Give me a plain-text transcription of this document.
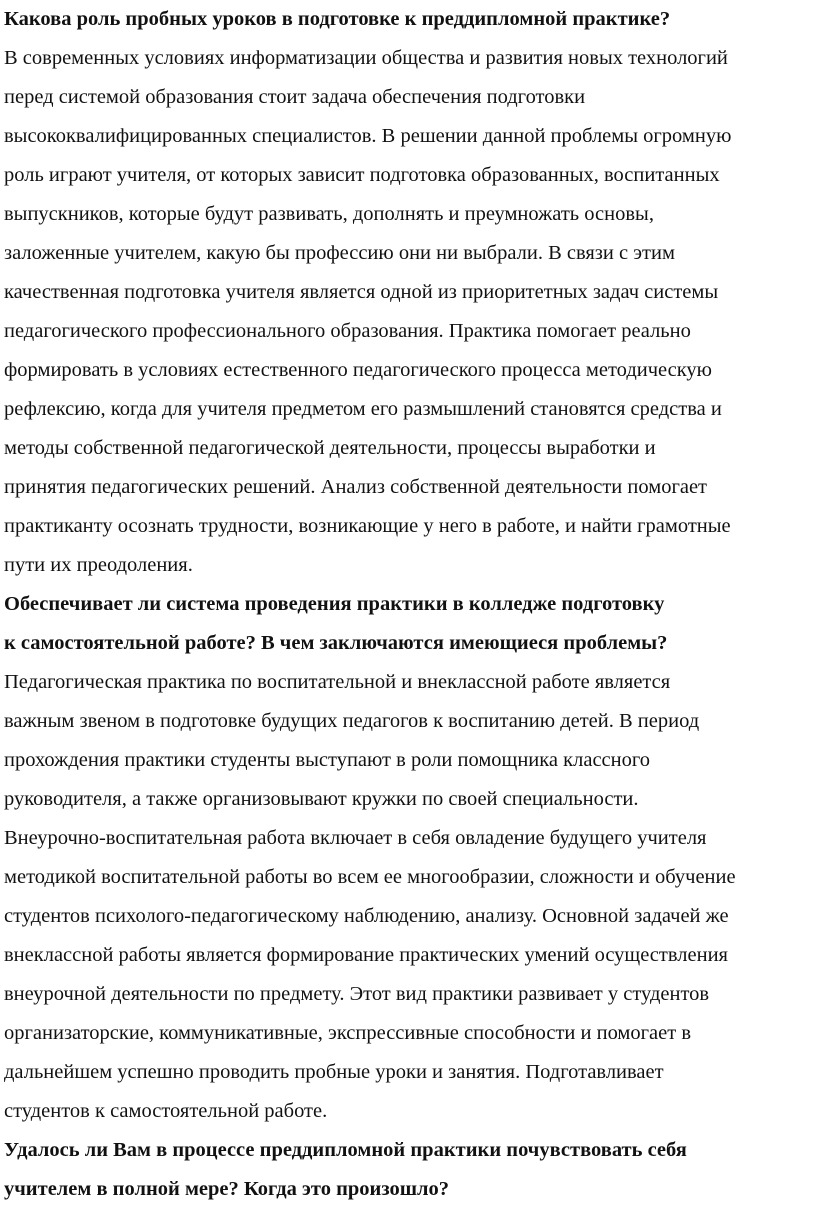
Какова роль пробных уроков в подготовке к преддипломной практике?
В современных условиях информатизации общества и развития новых технологий
перед системой образования стоит задача обеспечения подготовки
высококвалифицированных специалистов. В решении данной проблемы огромную
роль играют учителя, от которых зависит подготовка образованных, воспитанных
выпускников, которые будут развивать, дополнять и преумножать основы,
заложенные учителем, какую бы профессию они ни выбрали. В связи с этим
качественная подготовка учителя является одной из приоритетных задач системы
педагогического профессионального образования. Практика помогает реально
формировать в условиях естественного педагогического процесса методическую
рефлексию, когда для учителя предметом его размышлений становятся средства и
методы собственной педагогической деятельности, процессы выработки и
принятия педагогических решений. Анализ собственной деятельности помогает
практиканту осознать трудности, возникающие у него в работе, и найти грамотные
пути их преодоления.
Обеспечивает ли система проведения практики в колледже подготовку
к самостоятельной работе? В чем заключаются имеющиеся проблемы?
Педагогическая практика по воспитательной и внеклассной работе является
важным звеном в подготовке будущих педагогов к воспитанию детей. В период
прохождения практики студенты выступают в роли помощника классного
руководителя, а также организовывают кружки по своей специальности.
Внеурочно-воспитательная работа включает в себя овладение будущего учителя
методикой воспитательной работы во всем ее многообразии, сложности и обучение
студентов психолого-педагогическому наблюдению, анализу. Основной задачей же
внеклассной работы является формирование практических умений осуществления
внеурочной деятельности по предмету. Этот вид практики развивает у студентов
организаторские, коммуникативные, экспрессивные способности и помогает в
дальнейшем успешно проводить пробные уроки и занятия. Подготавливает
студентов к самостоятельной работе.
Удалось ли Вам в процессе преддипломной практики почувствовать себя
учителем в полной мере? Когда это произошло?
